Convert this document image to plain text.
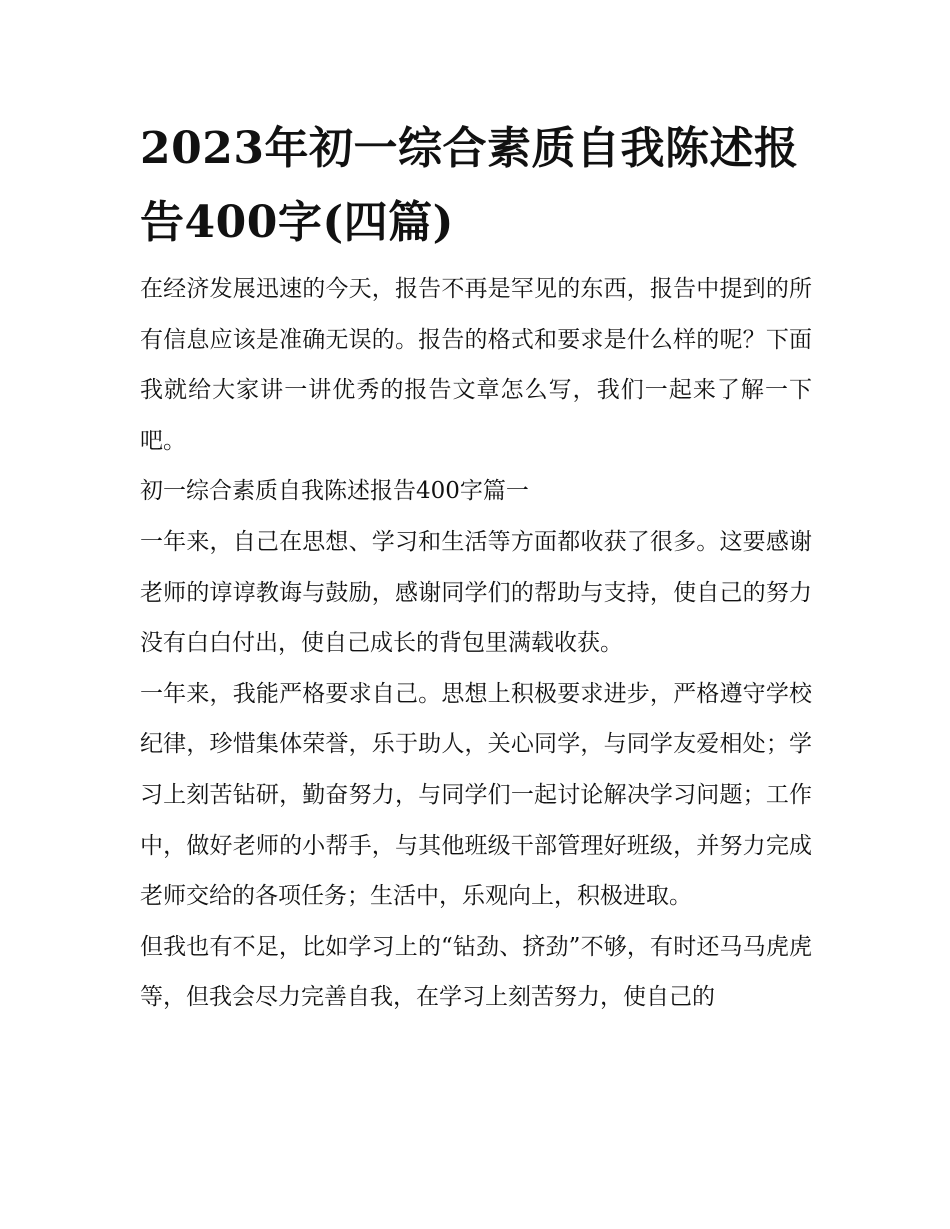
2023年初一综合素质自我陈述报告400字(四篇)

在经济发展迅速的今天，报告不再是罕见的东西，报告中提到的所有信息应该是准确无误的。报告的格式和要求是什么样的呢？下面我就给大家讲一讲优秀的报告文章怎么写，我们一起来了解一下吧。

初一综合素质自我陈述报告400字篇一

一年来，自己在思想、学习和生活等方面都收获了很多。这要感谢老师的谆谆教诲与鼓励，感谢同学们的帮助与支持，使自己的努力没有白白付出，使自己成长的背包里满载收获。

一年来，我能严格要求自己。思想上积极要求进步，严格遵守学校纪律，珍惜集体荣誉，乐于助人，关心同学，与同学友爱相处；学习上刻苦钻研，勤奋努力，与同学们一起讨论解决学习问题；工作中，做好老师的小帮手，与其他班级干部管理好班级，并努力完成老师交给的各项任务；生活中，乐观向上，积极进取。

但我也有不足，比如学习上的“钻劲、挤劲”不够，有时还马马虎虎等，但我会尽力完善自我，在学习上刻苦努力，使自己的
